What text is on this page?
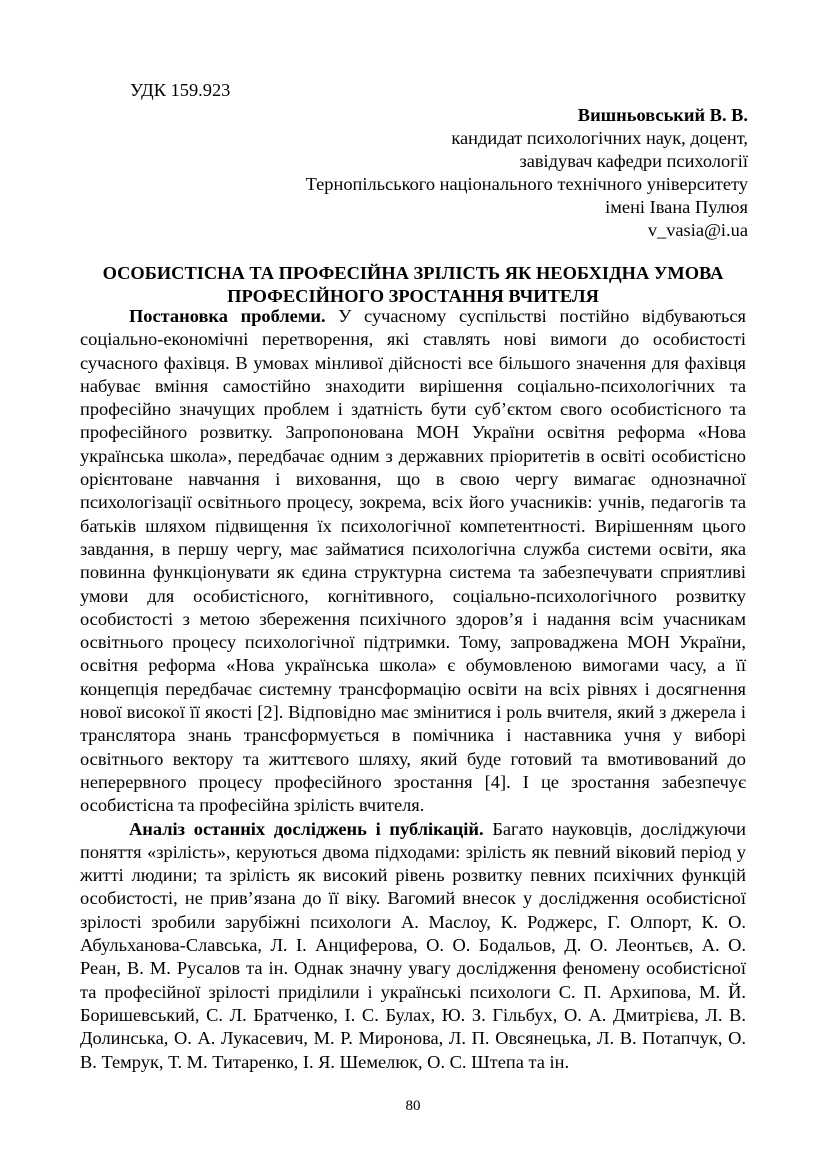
УДК 159.923
Вишньовський В. В.
кандидат психологічних наук, доцент,
завідувач кафедри психології
Тернопільського національного технічного університету
імені Івана Пулюя
v_vasia@i.ua
ОСОБИСТІСНА ТА ПРОФЕСІЙНА ЗРІЛІСТЬ ЯК НЕОБХІДНА УМОВА
ПРОФЕСІЙНОГО ЗРОСТАННЯ ВЧИТЕЛЯ

Постановка проблеми. У сучасному суспільстві постійно відбуваються соціально-економічні перетворення, які ставлять нові вимоги до особистості сучасного фахівця. В умовах мінливої дійсності все більшого значення для фахівця набуває вміння самостійно знаходити вирішення соціально-психологічних та професійно значущих проблем і здатність бути суб’єктом свого особистісного та професійного розвитку. Запропонована МОН України освітня реформа «Нова українська школа», передбачає одним з державних пріоритетів в освіті особистісно орієнтоване навчання і виховання, що в свою чергу вимагає однозначної психологізації освітнього процесу, зокрема, всіх його учасників: учнів, педагогів та батьків шляхом підвищення їх психологічної компетентності. Вирішенням цього завдання, в першу чергу, має займатися психологічна служба системи освіти, яка повинна функціонувати як єдина структурна система та забезпечувати сприятливі умови для особистісного, когнітивного, соціально-психологічного розвитку особистості з метою збереження психічного здоров’я і надання всім учасникам освітнього процесу психологічної підтримки. Тому, запроваджена МОН України, освітня реформа «Нова українська школа» є обумовленою вимогами часу, а її концепція передбачає системну трансформацію освіти на всіх рівнях і досягнення нової високої її якості [2]. Відповідно має змінитися і роль вчителя, який з джерела і транслятора знань трансформується в помічника і наставника учня у виборі освітнього вектору та життєвого шляху, який буде готовий та вмотивований до неперервного процесу професійного зростання [4]. І це зростання забезпечує особистісна та професійна зрілість вчителя.

Аналіз останніх досліджень і публікацій. Багато науковців, досліджуючи поняття «зрілість», керуються двома підходами: зрілість як певний віковий період у житті людини; та зрілість як високий рівень розвитку певних психічних функцій особистості, не прив’язана до її віку. Вагомий внесок у дослідження особистісної зрілості зробили зарубіжні психологи А. Маслоу, К. Роджерс, Г. Олпорт, К. О. Абульханова-Славська, Л. І. Анциферова, О. О. Бодальов, Д. О. Леонтьєв, А. О. Реан, В. М. Русалов та ін. Однак значну увагу дослідження феномену особистісної та професійної зрілості приділили і українські психологи С. П. Архипова, М. Й. Боришевський, С. Л. Братченко, І. С. Булах, Ю. З. Гільбух, О. А. Дмитрієва, Л. В. Долинська, О. А. Лукасевич, М. Р. Миронова, Л. П. Овсянецька, Л. В. Потапчук, О. В. Темрук, Т. М. Титаренко, І. Я. Шемелюк, О. С. Штепа та ін.

80
